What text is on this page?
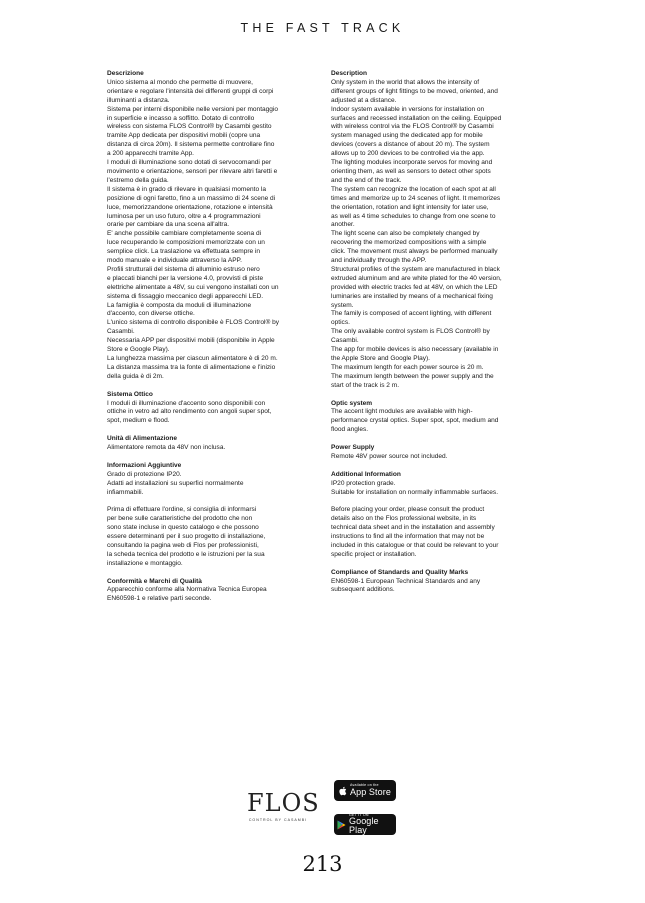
THE FAST TRACK
Descrizione
Unico sistema al mondo che permette di muovere,
orientare e regolare l'intensità dei differenti gruppi di corpi
illuminanti a distanza.
Sistema per interni disponibile nelle versioni per montaggio
in superficie e incasso a soffitto. Dotato di controllo
wireless con sistema FLOS Control® by Casambi gestito
tramite App dedicata per dispositivi mobili (copre una
distanza di circa 20m). Il sistema permette controllare fino
a 200 apparecchi tramite App.
I moduli di illuminazione sono dotati di servocomandi per
movimento e orientazione, sensori per rilevare altri faretti e
l'estremo della guida.
Il sistema è in grado di rilevare in qualsiasi momento la
posizione di ogni faretto, fino a un massimo di 24 scene di
luce, memorizzandone orientazione, rotazione e intensità
luminosa per un uso futuro, oltre a 4 programmazioni
orarie per cambiare da una scena all'altra.
E' anche possibile cambiare completamente scena di
luce recuperando le composizioni memorizzate con un
semplice click. La traslazione va effettuata sempre in
modo manuale e individuale attraverso la APP.
Profili strutturali del sistema di alluminio estruso nero
e placcati bianchi per la versione 4.0, provvisti di piste
elettriche alimentate a 48V, su cui vengono installati con un
sistema di fissaggio meccanico degli apparecchi LED.
La famiglia è composta da moduli di illuminazione
d'accento, con diverse ottiche.
L'unico sistema di controllo disponibile è FLOS Control® by
Casambi.
Necessaria APP per dispositivi mobili (disponibile in Apple
Store e Google Play).
La lunghezza massima per ciascun alimentatore è di 20 m.
La distanza massima tra la fonte di alimentazione e l'inizio
della guida è di 2m.
Sistema Ottico
I moduli di illuminazione d'accento sono disponibili con
ottiche in vetro ad alto rendimento con angoli super spot,
spot, medium e flood.
Unità di Alimentazione
Alimentatore remota da 48V non inclusa.
Informazioni Aggiuntive
Grado di protezione IP20.
Adatti ad installazioni su superfici normalmente
infiammabili.
Prima di effettuare l'ordine, si consiglia di informarsi
per bene sulle caratteristiche del prodotto che non
sono state incluse in questo catalogo e che possono
essere determinanti per il suo progetto di installazione,
consultando la pagina web di Flos per professionisti,
la scheda tecnica del prodotto e le istruzioni per la sua
installazione e montaggio.
Conformità e Marchi di Qualità
Apparecchio conforme alla Normativa Tecnica Europea
EN60598-1 e relative parti seconde.
Description
Only system in the world that allows the intensity of
different groups of light fittings to be moved, oriented, and
adjusted at a distance.
Indoor system available in versions for installation on
surfaces and recessed installation on the ceiling. Equipped
with wireless control via the FLOS Control® by Casambi
system managed using the dedicated app for mobile
devices (covers a distance of about 20 m). The system
allows up to 200 devices to be controlled via the app.
The lighting modules incorporate servos for moving and
orienting them, as well as sensors to detect other spots
and the end of the track.
The system can recognize the location of each spot at all
times and memorize up to 24 scenes of light. It memorizes
the orientation, rotation and light intensity for later use,
as well as 4 time schedules to change from one scene to
another.
The light scene can also be completely changed by
recovering the memorized compositions with a simple
click. The movement must always be performed manually
and individually through the APP.
Structural profiles of the system are manufactured in black
extruded aluminum and are white plated for the 40 version,
provided with electric tracks fed at 48V, on which the LED
luminaries are installed by means of a mechanical fixing
system.
The family is composed of accent lighting, with different
optics.
The only available control system is FLOS Control® by
Casambi.
The app for mobile devices is also necessary (available in
the Apple Store and Google Play).
The maximum length for each power source is 20 m.
The maximum length between the power supply and the
start of the track is 2 m.
Optic system
The accent light modules are available with high-
performance crystal optics. Super spot, spot, medium and
flood angles.
Power Supply
Remote 48V power source not included.
Additional Information
IP20 protection grade.
Suitable for installation on normally inflammable surfaces.
Before placing your order, please consult the product
details also on the Flos professional website, in its
technical data sheet and in the installation and assembly
instructions to find all the information that may not be
included in this catalogue or that could be relevant to your
specific project or installation.
Compliance of Standards and Quality Marks
EN60598-1 European Technical Standards and any
subsequent additions.
FLOS
CONTROL BY CASAMBI
Available on the
App Store
GET IT ON
Google Play
213
